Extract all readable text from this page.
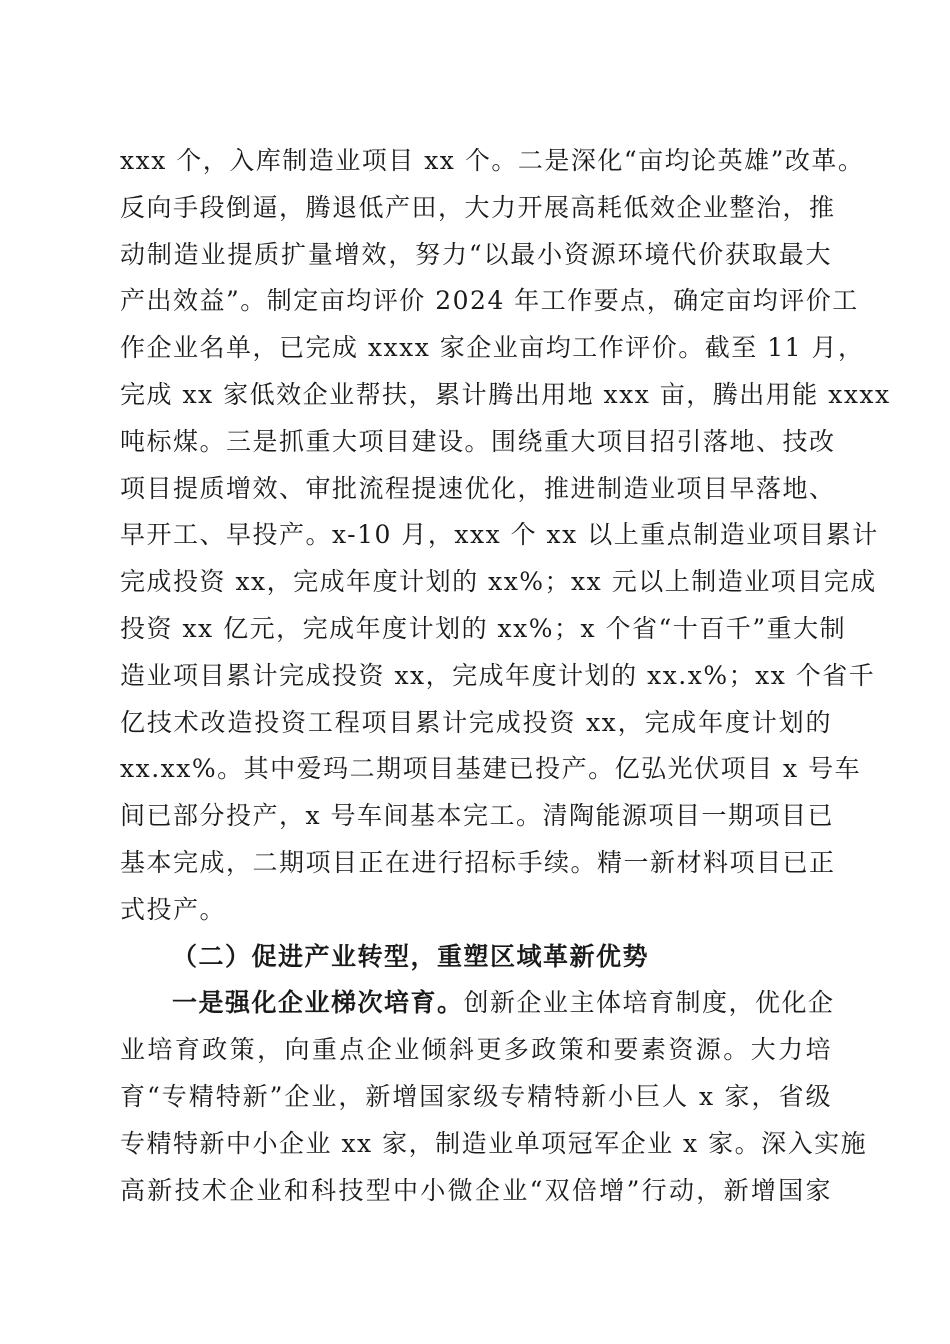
xxx 个，入库制造业项目 xx 个。二是深化“亩均论英雄”改革。
反向手段倒逼，腾退低产田，大力开展高耗低效企业整治，推
动制造业提质扩量增效，努力“以最小资源环境代价获取最大
产出效益”。制定亩均评价 2024 年工作要点，确定亩均评价工
作企业名单，已完成 xxxx 家企业亩均工作评价。截至 11 月，
完成 xx 家低效企业帮扶，累计腾出用地 xxx 亩，腾出用能 xxxx
吨标煤。三是抓重大项目建设。围绕重大项目招引落地、技改
项目提质增效、审批流程提速优化，推进制造业项目早落地、
早开工、早投产。x-10 月，xxx 个 xx 以上重点制造业项目累计
完成投资 xx，完成年度计划的 xx%；xx 元以上制造业项目完成
投资 xx 亿元，完成年度计划的 xx%；x 个省“十百千”重大制
造业项目累计完成投资 xx，完成年度计划的 xx.x%；xx 个省千
亿技术改造投资工程项目累计完成投资 xx，完成年度计划的
xx.xx%。其中爱玛二期项目基建已投产。亿弘光伏项目 x 号车
间已部分投产，x 号车间基本完工。清陶能源项目一期项目已
基本完成，二期项目正在进行招标手续。精一新材料项目已正
式投产。
（二）促进产业转型，重塑区域革新优势
一是强化企业梯次培育。创新企业主体培育制度，优化企
业培育政策，向重点企业倾斜更多政策和要素资源。大力培
育“专精特新”企业，新增国家级专精特新小巨人 x 家，省级
专精特新中小企业 xx 家，制造业单项冠军企业 x 家。深入实施
高新技术企业和科技型中小微企业“双倍增”行动，新增国家
